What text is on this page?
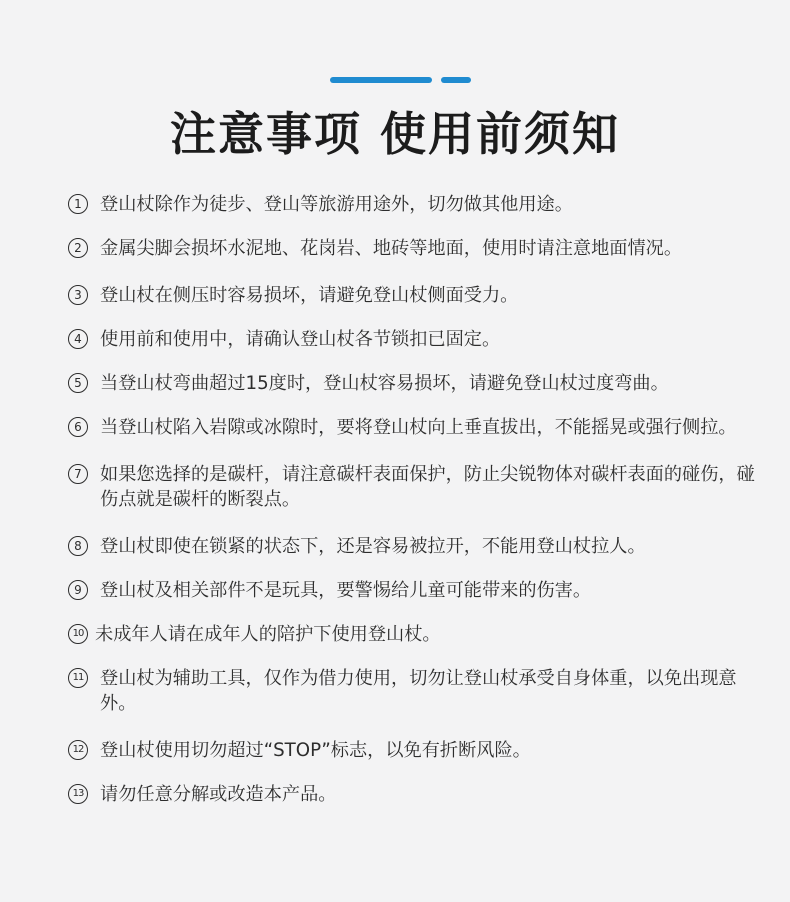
注意事项 使用前须知
1 登山杖除作为徒步、登山等旅游用途外，切勿做其他用途。
2 金属尖脚会损坏水泥地、花岗岩、地砖等地面，使用时请注意地面情况。
3 登山杖在侧压时容易损坏，请避免登山杖侧面受力。
4 使用前和使用中，请确认登山杖各节锁扣已固定。
5 当登山杖弯曲超过15度时，登山杖容易损坏，请避免登山杖过度弯曲。
6 当登山杖陷入岩隙或冰隙时，要将登山杖向上垂直拔出，不能摇晃或强行侧拉。
7 如果您选择的是碳杆，请注意碳杆表面保护，防止尖锐物体对碳杆表面的碰伤，碰伤点就是碳杆的断裂点。
8 登山杖即使在锁紧的状态下，还是容易被拉开，不能用登山杖拉人。
9 登山杖及相关部件不是玩具，要警惕给儿童可能带来的伤害。
10 未成年人请在成年人的陪护下使用登山杖。
11 登山杖为辅助工具，仅作为借力使用，切勿让登山杖承受自身体重，以免出现意外。
12 登山杖使用切勿超过“STOP”标志，以免有折断风险。
13 请勿任意分解或改造本产品。
